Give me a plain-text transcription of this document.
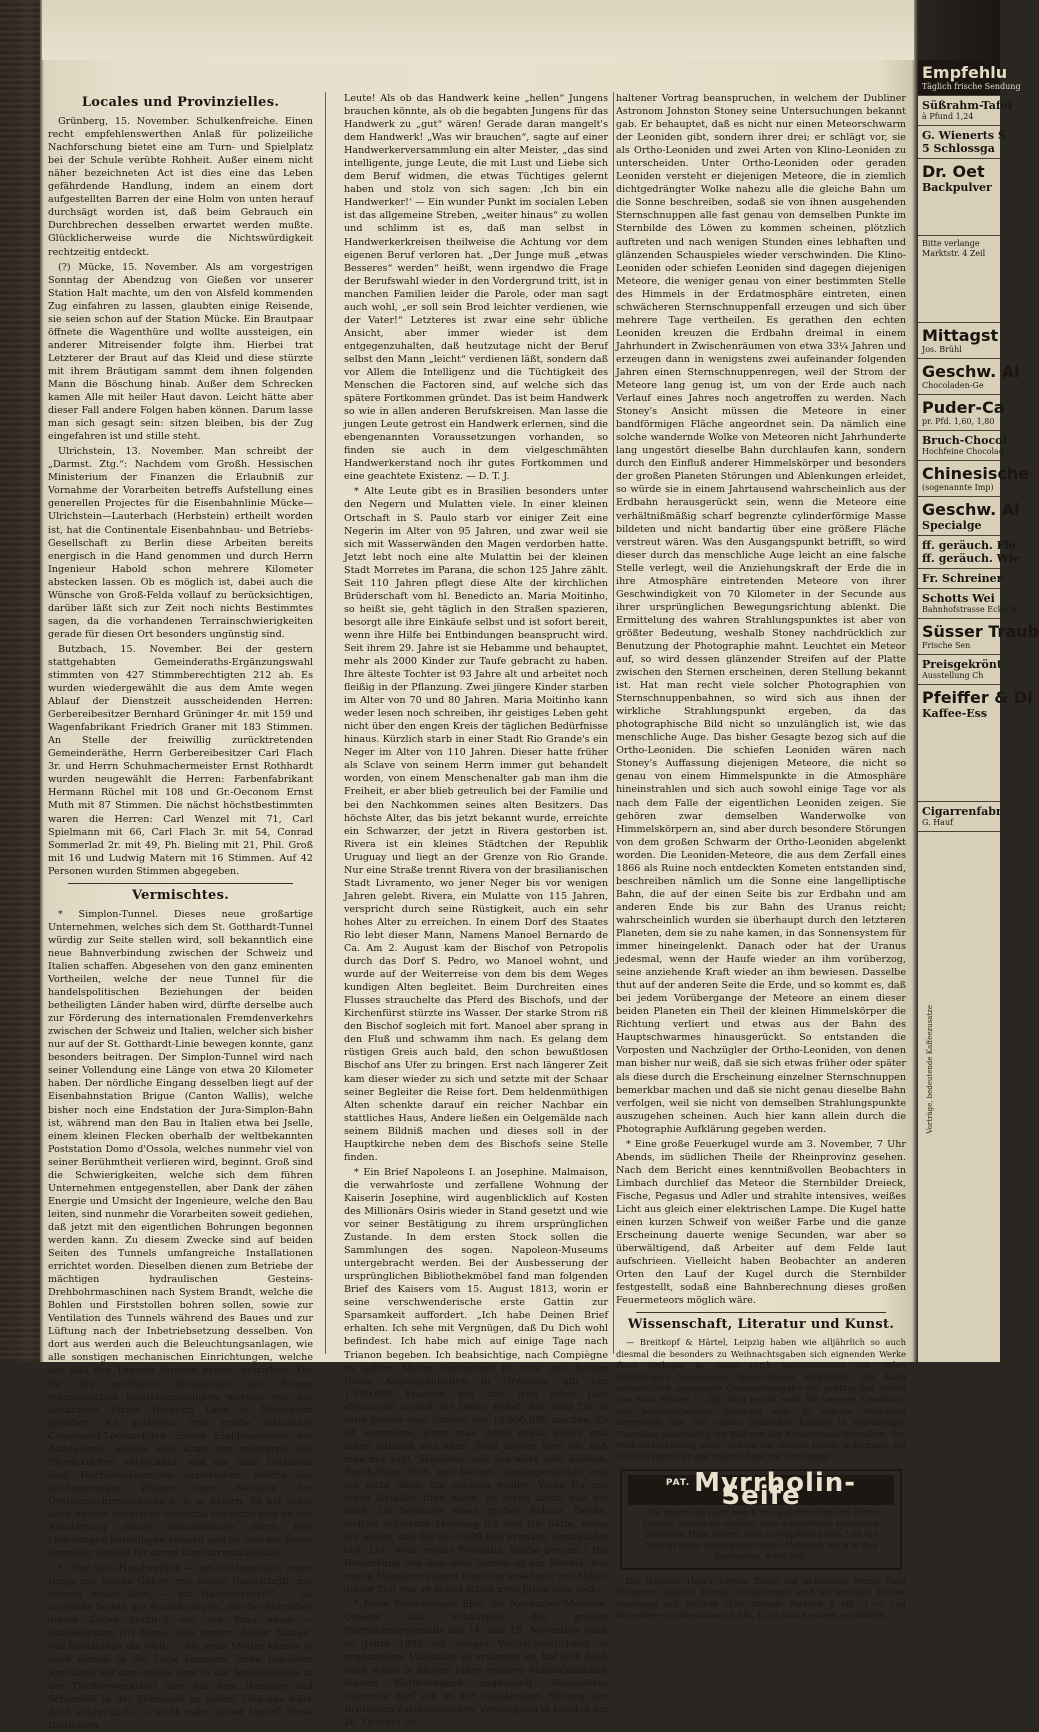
Locales und Provinzielles.

Grünberg, 15. November. Schulkenfreiche. Einen recht empfehlenswerthen Anlaß für polizeiliche Nachforschung bietet eine am Turn- und Spielplatz bei der Schule verübte Rohheit. Außer einem nicht näher bezeichneten Act ist dies eine das Leben gefährdende Handlung, indem an einem dort aufgestellten Barren der eine Holm von unten herauf durchsägt worden ist, daß beim Gebrauch ein Durchbrechen desselben erwartet werden mußte. Glücklicherweise wurde die Nichtswürdigkeit rechtzeitig entdeckt.

(?) Mücke, 15. November. Als am vorgestrigen Sonntag der Abendzug von Gießen vor unserer Station Halt machte, um den von Alsfeld kommenden Zug einfahren zu lassen, glaubten einige Reisende, sie seien schon auf der Station Mücke. Ein Brautpaar öffnete die Wagenthüre und wollte aussteigen, ein anderer Mitreisender folgte ihm. Hierbei trat Letzterer der Braut auf das Kleid und diese stürzte mit ihrem Bräutigam sammt dem ihnen folgenden Mann die Böschung hinab. Außer dem Schrecken kamen Alle mit heiler Haut davon. Leicht hätte aber dieser Fall andere Folgen haben können. Darum lasse man sich gesagt sein: sitzen bleiben, bis der Zug eingefahren ist und stille steht.

Ulrichstein, 13. November. Man schreibt der „Darmst. Ztg.“: Nachdem vom Großh. Hessischen Ministerium der Finanzen die Erlaubniß zur Vornahme der Vorarbeiten betreffs Aufstellung eines generellen Projectes für die Eisenbahnlinie Mücke—Ulrichstein—Lauterbach (Herbstein) ertheilt worden ist, hat die Continentale Eisenbahnbau- und Betriebs-Gesellschaft zu Berlin diese Arbeiten bereits energisch in die Hand genommen und durch Herrn Ingenieur Habold schon mehrere Kilometer abstecken lassen. Ob es möglich ist, dabei auch die Wünsche von Groß-Felda vollauf zu berücksichtigen, darüber läßt sich zur Zeit noch nichts Bestimmtes sagen, da die vorhandenen Terrainschwierigkeiten gerade für diesen Ort besonders ungünstig sind.

Butzbach, 15. November. Bei der gestern stattgehabten Gemeinderaths-Ergänzungswahl stimmten von 427 Stimmberechtigten 212 ab. Es wurden wiedergewählt die aus dem Amte wegen Ablauf der Dienstzeit ausscheidenden Herren: Gerbereibesitzer Bernhard Grüninger 4r. mit 159 und Wagenfabrikant Friedrich Graner mit 183 Stimmen. An Stelle der freiwillig zurücktretenden Gemeinderäthe, Herrn Gerbereibesitzer Carl Flach 3r. und Herrn Schuhmachermeister Ernst Rothhardt wurden neugewählt die Herren: Farbenfabrikant Hermann Rüchel mit 108 und Gr.-Oeconom Ernst Muth mit 87 Stimmen. Die nächst höchstbestimmten waren die Herren: Carl Wenzel mit 71, Carl Spielmann mit 66, Carl Flach 3r. mit 54, Conrad Sommerlad 2r. mit 49, Ph. Bieling mit 21, Phil. Groß mit 16 und Ludwig Matern mit 16 Stimmen. Auf 42 Personen wurden Stimmen abgegeben.

Vermischtes.

* Simplon-Tunnel. Dieses neue großartige Unternehmen, welches sich dem St. Gotthardt-Tunnel würdig zur Seite stellen wird, soll bekanntlich eine neue Bahnverbindung zwischen der Schweiz und Italien schaffen. Abgesehen von den ganz eminenten Vortheilen, welche der neue Tunnel für die handelspolitischen Beziehungen der beiden betheiligten Länder haben wird, dürfte derselbe auch zur Förderung des internationalen Fremdenverkehrs zwischen der Schweiz und Italien, welcher sich bisher nur auf der St. Gotthardt-Linie bewegen konnte, ganz besonders beitragen. Der Simplon-Tunnel wird nach seiner Vollendung eine Länge von etwa 20 Kilometer haben. Der nördliche Eingang desselben liegt auf der Eisenbahnstation Brigue (Canton Wallis), welche bisher noch eine Endstation der Jura-Simplon-Bahn ist, während man den Bau in Italien etwa bei Jselle, einem kleinen Flecken oberhalb der weltbekannten Poststation Domo d'Ossola, welches nunmehr viel von seiner Berühmtheit verlieren wird, beginnt. Groß sind die Schwierigkeiten, welche sich dem führen Unternehmen entgegenstellen, aber Dank der zähen Energie und Umsicht der Ingenieure, welche den Bau leiten, sind nunmehr die Vorarbeiten soweit gediehen, daß jetzt mit den eigentlichen Bohrungen begonnen werden kann. Zu diesem Zwecke sind auf beiden Seiten des Tunnels umfangreiche Installationen errichtet worden. Dieselben dienen zum Betriebe der mächtigen hydraulischen Gesteins-Drehbohrmaschinen nach System Brandt, welche die Bohlen und Firststollen bohren sollen, sowie zur Ventilation des Tunnels während des Baues und zur Lüftung nach der Inbetriebsetzung desselben. Von dort aus werden auch die Beleuchtungsanlagen, wie alle sonstigen mechanischen Einrichtungen, welche der Bau des Tunnels fördern helfen, betrieben. Die für die nördliche Installation bei Brigue erforderlichen Betriebsmaschinen werden von der bekannten Firma Heinrich Lanz in Mannheim geliefert. Es gelangen drei große stationäre Compound-Locomobilen dieses Etablissements zur Aufstellung, welche eine Kraft von mehreren 100 Pferdekräften entwickeln, und die dazu bestimmt sind, Hochdruckpumpen anzutreiben, welche das hochgepumpte Wasser zum Betriebe der Gesteinsbohrmaschinen u. s. w. liefern. Es hat somit auch unsere heimische deutsche Industrie sich an der Ausstattung dieser Installationen durch ihre Lieferungen betheiligen können und ist dies ein neuer ehrender Beweis für deren Concurrenzfähigkeit.

* „Nur kein Handwerker, — um Gotteswillen, unser Junge mit seinen Gaben, mit seiner Handschrift, mit seinem hellen Kopf, — ein Handwerker?!“ — So ungefähr lauten die Ausführungen, die der Schreiber dieser Zeilen kürzlich von der Frau eines — Handwerkers (!!) hörte. Also immer „höher hinaus“ will heutzutage die Welt, — die arme Mutter könnte ja auch einmal in die Lage kommen, ihren begabten Sprößling mit dem hellen Kopf in der Arbeitsblouse in der Tischlerwerkstatt oder mit dem Hammer und Schurzfell in der Schmiede zu sehen! Und das wäre doch schrecklich, — nicht wahr, lieber Leser? Diese thörichten

Leute! Als ob das Handwerk keine „hellen“ Jungens brauchen könnte, als ob die begabten Jungens für das Handwerk zu „gut“ wären! Gerade daran mangelt's dem Handwerk! „Was wir brauchen“, sagte auf einer Handwerkerversammlung ein alter Meister, „das sind intelligente, junge Leute, die mit Lust und Liebe sich dem Beruf widmen, die etwas Tüchtiges gelernt haben und stolz von sich sagen: ‚Ich bin ein Handwerker!‘ — Ein wunder Punkt im socialen Leben ist das allgemeine Streben, „weiter hinaus“ zu wollen und schlimm ist es, daß man selbst in Handwerkerkreisen theilweise die Achtung vor dem eigenen Beruf verloren hat. „Der Junge muß „etwas Besseres“ werden“ heißt, wenn irgendwo die Frage der Berufswahl wieder in den Vordergrund tritt, ist in manchen Familien leider die Parole, oder man sagt auch wohl, „er soll sein Brod leichter verdienen, wie der Vater!“ Letzteres ist zwar eine sehr übliche Ansicht, aber immer wieder ist dem entgegenzuhalten, daß heutzutage nicht der Beruf selbst den Mann „leicht“ verdienen läßt, sondern daß vor Allem die Intelligenz und die Tüchtigkeit des Menschen die Factoren sind, auf welche sich das spätere Fortkommen gründet. Das ist beim Handwerk so wie in allen anderen Berufskreisen. Man lasse die jungen Leute getrost ein Handwerk erlernen, sind die ebengenannten Voraussetzungen vorhanden, so finden sie auch in dem vielgeschmähten Handwerkerstand noch ihr gutes Fortkommen und eine geachtete Existenz. — D. T. J.

* Alte Leute gibt es in Brasilien besonders unter den Negern und Mulatten viele. In einer kleinen Ortschaft in S. Paulo starb vor einiger Zeit eine Negerin im Alter von 95 Jahren, und zwar weil sie sich mit Wasserwänden den Magen verdorben hatte. Jetzt lebt noch eine alte Mulattin bei der kleinen Stadt Morretes im Parana, die schon 125 Jahre zählt. Seit 110 Jahren pflegt diese Alte der kirchlichen Brüderschaft vom hl. Benedicto an. Maria Moitinho, so heißt sie, geht täglich in den Straßen spazieren, besorgt alle ihre Einkäufe selbst und ist sofort bereit, wenn ihre Hilfe bei Entbindungen beansprucht wird. Seit ihrem 29. Jahre ist sie Hebamme und behauptet, mehr als 2000 Kinder zur Taufe gebracht zu haben. Ihre älteste Tochter ist 93 Jahre alt und arbeitet noch fleißig in der Pflanzung. Zwei jüngere Kinder starben im Alter von 70 und 80 Jahren. Maria Moitinho kann weder lesen noch schreiben, ihr geistiges Leben geht nicht über den engen Kreis der täglichen Bedürfnisse hinaus. Kürzlich starb in einer Stadt Rio Grande's ein Neger im Alter von 110 Jahren. Dieser hatte früher als Sclave von seinem Herrn immer gut behandelt worden, von einem Menschenalter gab man ihm die Freiheit, er aber blieb getreulich bei der Familie und bei den Nachkommen seines alten Besitzers. Das höchste Alter, das bis jetzt bekannt wurde, erreichte ein Schwarzer, der jetzt in Rivera gestorben ist. Rivera ist ein kleines Städtchen der Republik Uruguay und liegt an der Grenze von Rio Grande. Nur eine Straße trennt Rivera von der brasilianischen Stadt Livramento, wo jener Neger bis vor wenigen Jahren gelebt. Rivera, ein Mulatte von 115 Jahren, verspricht durch seine Rüstigkeit, auch ein sehr hohes Alter zu erreichen. In einem Dorf des Staates Rio lebt dieser Mann, Namens Manoel Bernardo de Ca. Am 2. August kam der Bischof von Petropolis durch das Dorf S. Pedro, wo Manoel wohnt, und wurde auf der Weiterreise von dem bis dem Weges kundigen Alten begleitet. Beim Durchreiten eines Flusses strauchelte das Pferd des Bischofs, und der Kirchenfürst stürzte ins Wasser. Der starke Strom riß den Bischof sogleich mit fort. Manoel aber sprang in den Fluß und schwamm ihm nach. Es gelang dem rüstigen Greis auch bald, den schon bewußtlosen Bischof ans Ufer zu bringen. Erst nach längerer Zeit kam dieser wieder zu sich und setzte mit der Schaar seiner Begleiter die Reise fort. Dem heldenmüthigen Alten schenkte darauf ein reicher Nachbar ein stattliches Haus, Andere ließen ein Oelgemälde nach seinem Bildniß machen und dieses soll in der Hauptkirche neben dem des Bischofs seine Stelle finden.

* Ein Brief Napoleons I. an Josephine. Malmaison, die verwahrloste und zerfallene Wohnung der Kaiserin Josephine, wird augenblicklich auf Kosten des Millionärs Osiris wieder in Stand gesetzt und wie vor seiner Bestätigung zu ihrem ursprünglichen Zustande. In dem ersten Stock sollen die Sammlungen des sogen. Napoleon-Museums untergebracht werden. Bei der Ausbesserung der ursprünglichen Bibliothekmöbel fand man folgenden Brief des Kaisers vom 15. August 1813, worin er seine verschwenderische erste Gattin zur Sparsamkeit auffordert. „Ich habe Deinen Brief erhalten. Ich sehe mit Vergnügen, daß Du Dich wohl befindest. Ich habe mich auf einige Tage nach Trianon begeben. Ich beabsichtige, nach Compiègne zu gehen. Meine Gesundheit ist sehr gut. Bringe Deine Angelegenheiten in Ordnung; gib nur 1,500,000 Franken aus und lege jedes Jahr ebensoviel zurück für Deine Enkel; das wird Dir in zehn Jahren eine Summe von 15,000,000 machen. Es ist angenehm, wenn man ihnen etwas geben und ihnen nützlich sein kann. Statt dessen höre ich, daß man mir sagt, Schulden, und das wäre sehr häßlich. Beschäftige Dich mit Deinen Angelegenheiten und gib nicht Allen, die nehmen wollen. Wenn Du mir einen Gefallen thun willst, so sorge dafür, daß ich weiß, Du besitzest einen großen Schatz. Denke, welche schlechte Meinung ich von Dir hätte, wenn ich wüßte, daß Du bei 3,000,000 Franken verschuldet bist. Leb' wohl, meine Freundin, bleibe gesund.“ Die Bemerkung von den zehn Jahren ist ein Beweis, wie wenig Napoleon seinen Sturz vorausahnte: vor Ablauf dieser Zeit war er selbst schon zwei Jahre lang todt.

* Neue Forschungen über die November-Meteore. Obwohl das Schauspiel des großen Sternschnuppenfalls am 14. und 15. November auch im Jahre 1899 mit einiger Wahrscheinlichkeit in großartigem Maßstabe zu erwarten ist, hat sich doch auch schon in diesem Jahre größere Aufmerksamkeit diesem Naturereigniß zugewandt. Besonderes Interesse darf ein in der diesjährigen Sitzung der Britischen Astronomischen Vereinigung in London am 26. October ge-

haltener Vortrag beanspruchen, in welchem der Dubliner Astronom Johnston Stoney seine Untersuchungen bekannt gab. Er behauptet, daß es nicht nur einen Meteorschwarm der Leoniden gibt, sondern ihrer drei; er schlägt vor, sie als Ortho-Leoniden und zwei Arten von Klino-Leoniden zu unterscheiden. Unter Ortho-Leoniden oder geraden Leoniden versteht er diejenigen Meteore, die in ziemlich dichtgedrängter Wolke nahezu alle die gleiche Bahn um die Sonne beschreiben, sodaß sie von ihnen ausgehenden Sternschnuppen alle fast genau von demselben Punkte im Sternbilde des Löwen zu kommen scheinen, plötzlich auftreten und nach wenigen Stunden eines lebhaften und glänzenden Schauspieles wieder verschwinden. Die Klino-Leoniden oder schiefen Leoniden sind dagegen diejenigen Meteore, die weniger genau von einer bestimmten Stelle des Himmels in der Erdatmosphäre eintreten, einen schwächeren Sternschnuppenfall erzeugen und sich über mehrere Tage vertheilen. Es gerathen den echten Leoniden kreuzen die Erdbahn dreimal in einem Jahrhundert in Zwischenräumen von etwa 33¼ Jahren und erzeugen dann in wenigstens zwei aufeinander folgenden Jahren einen Sternschnuppenregen, weil der Strom der Meteore lang genug ist, um von der Erde auch nach Verlauf eines Jahres noch angetroffen zu werden. Nach Stoney's Ansicht müssen die Meteore in einer bandförmigen Fläche angeordnet sein. Da nämlich eine solche wandernde Wolke von Meteoren nicht Jahrhunderte lang ungestört dieselbe Bahn durchlaufen kann, sondern durch den Einfluß anderer Himmelskörper und besonders der großen Planeten Störungen und Ablenkungen erleidet, so würde sie in einem Jahrtausend wahrscheinlich aus der Erdbahn herausgerückt sein, wenn die Meteore eine verhältnißmäßig scharf begrenzte cylinderförmige Masse bildeten und nicht bandartig über eine größere Fläche verstreut wären. Was den Ausgangspunkt betrifft, so wird dieser durch das menschliche Auge leicht an eine falsche Stelle verlegt, weil die Anziehungskraft der Erde die in ihre Atmosphäre eintretenden Meteore von ihrer Geschwindigkeit von 70 Kilometer in der Secunde aus ihrer ursprünglichen Bewegungsrichtung ablenkt. Die Ermittelung des wahren Strahlungspunktes ist aber von größter Bedeutung, weshalb Stoney nachdrücklich zur Benutzung der Photographie mahnt. Leuchtet ein Meteor auf, so wird dessen glänzender Streifen auf der Platte zwischen den Sternen erscheinen, deren Stellung bekannt ist. Hat man recht viele solcher Photographien von Sternschnuppenbahnen, so wird sich aus ihnen der wirkliche Strahlungspunkt ergeben, da das photographische Bild nicht so unzulänglich ist, wie das menschliche Auge. Das bisher Gesagte bezog sich auf die Ortho-Leoniden. Die schiefen Leoniden wären nach Stoney's Auffassung diejenigen Meteore, die nicht so genau von einem Himmelspunkte in die Atmosphäre hineinstrahlen und sich auch sowohl einige Tage vor als nach dem Falle der eigentlichen Leoniden zeigen. Sie gehören zwar demselben Wanderwolke von Himmelskörpern an, sind aber durch besondere Störungen von dem großen Schwarm der Ortho-Leoniden abgelenkt worden. Die Leoniden-Meteore, die aus dem Zerfall eines 1866 als Ruine noch entdeckten Kometen entstanden sind, beschreiben nämlich um die Sonne eine langelliptische Bahn, die auf der einen Seite bis zur Erdbahn und am anderen Ende bis zur Bahn des Uranus reicht; wahrscheinlich wurden sie überhaupt durch den letzteren Planeten, dem sie zu nahe kamen, in das Sonnensystem für immer hineingelenkt. Danach oder hat der Uranus jedesmal, wenn der Haufe wieder an ihm vorüberzog, seine anziehende Kraft wieder an ihm bewiesen. Dasselbe thut auf der anderen Seite die Erde, und so kommt es, daß bei jedem Vorübergange der Meteore an einem dieser beiden Planeten ein Theil der kleinen Himmelskörper die Richtung verliert und etwas aus der Bahn des Hauptschwarmes hinausgerückt. So entstanden die Vorposten und Nachzügler der Ortho-Leoniden, von denen man bisher nur weiß, daß sie sich etwas früher oder später als diese durch die Erscheinung einzelner Sternschnuppen bemerkbar machen und daß sie nicht genau dieselbe Bahn verfolgen, weil sie nicht von demselben Strahlungspunkte auszugehen scheinen. Auch hier kann allein durch die Photographie Aufklärung gegeben werden.

* Eine große Feuerkugel wurde am 3. November, 7 Uhr Abends, im südlichen Theile der Rheinprovinz gesehen. Nach dem Bericht eines kenntnißvollen Beobachters in Limbach durchlief das Meteor die Sternbilder Dreieck, Fische, Pegasus und Adler und strahlte intensives, weißes Licht aus gleich einer elektrischen Lampe. Die Kugel hatte einen kurzen Schweif von weißer Farbe und die ganze Erscheinung dauerte wenige Secunden, war aber so überwältigend, daß Arbeiter auf dem Felde laut aufschrieen. Vielleicht haben Beobachter an anderen Orten den Lauf der Kugel durch die Sternbilder festgestellt, sodaß eine Bahnberechnung dieses großen Feuermeteors möglich wäre.

Wissenschaft, Literatur und Kunst.

— Breitkopf & Härtel, Leipzig haben wie alljährlich so auch diesmal die besonders zu Weihnachtsgaben sich eignenden Werke ihres Verlages in einem reich ausgestatteten mit vielen Abbildungen versehenen Verzeichnisse aufgeführt. Die darin aufgezählten angezeigte Gesammtausgabe der praktischen Werke von Fritz Reuter u. dgl. wird gewiß auch für unseren Leserkreis von hervorragendem Interesse sein. In eigener Druckerei hergestellt gibt der sauber gedruckte Katalog in eigenartiger Umschlag gleichzeitig ein Bild von der Arbeitsweise derselben. Der Weihnachtskatalog steht, sowohl der Vorrath reicht, Jedermann auf Wunsch portofrei und unberechnet zur Verfügung.

$^{PAT.}$ Myrrholin-Seife
„Sie macht die Haut weich und geschmeidig und dürfte Leuten, welche an spröder, zum Aufspringen neigender trockener Haut leiden, sehr zu empfehlen sein,“ ist die Ansicht eines erfahrenen Arztes. Ueberall, auch in den Apotheken, erhältlich.

Die feinsten Thee's 1898er Ernte der bekannten Firma Thee Messmer (Kaiserl. Königl. Hoflieferant) sind im Verkauf. 1898er Souchong mit Blüthen (100 Gramm Packete à Mk. 1.—) und Kaiserthee (in Blechdosen à Mk. 1,25) sind Kennern empfohlen.

Empfehlu
Täglich frische Sendung
Süßrahm-Tafel
à Pfund 1,24
G. Wienerts S
5 Schlossga
Dr. Oet
Backpulver
Bitte verlange
Marktstr. 4 Zeil
Mittagst
Jos. Brühl
Geschw. Al
Chocoladen-Ge
Puder-Ca
pr. Pfd. 1,60, 1,80
Bruch-Chocol
Hochfeine Chocolad
Chinesische
(sogenannte Imp)
Geschw. Al
Specialge
ff. geräuch. Fle
ff. geräuch. Wie
Fr. Schreiner
Schotts Wei
Bahnhofstrasse Ecke W
Süsser Traub
Frische Sen
Preisgekrönt
Ausstellung Ch
Pfeiffer & Di
Kaffee-Ess
Cigarrenfabr
G. Hauf
Vorträge, bedeutende Kaffeezusatze
